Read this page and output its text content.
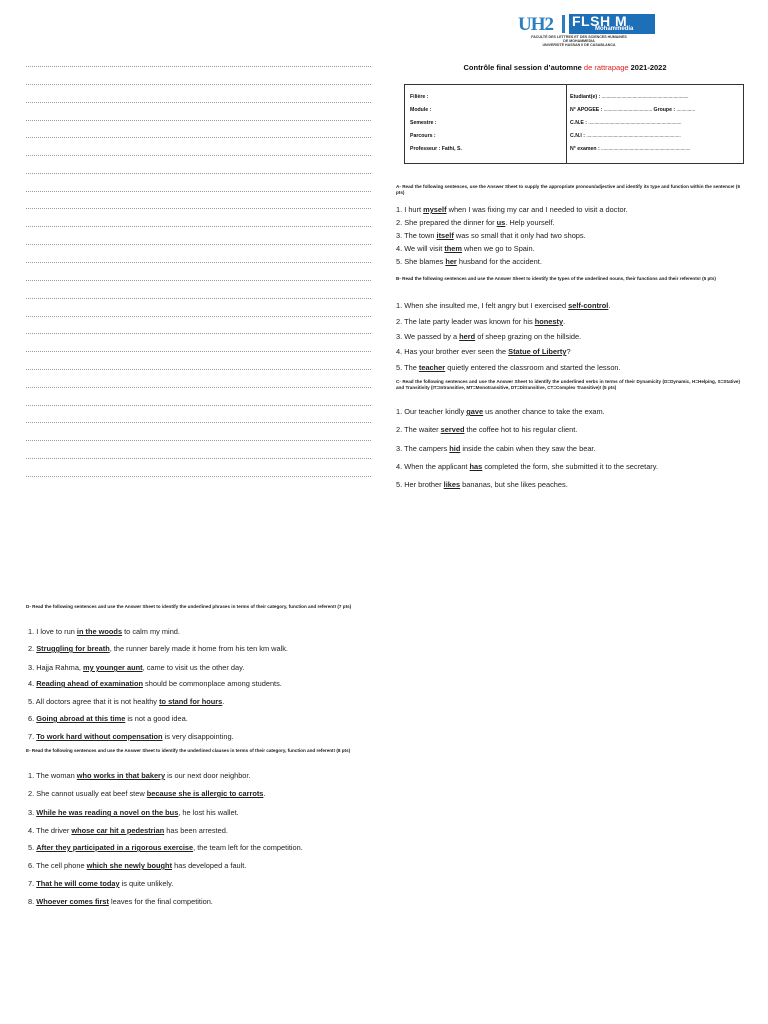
UH2 FLSH M
Mohammedia
FACULTÉ DES LETTRES ET DES SCIENCES HUMAINES
DE MOHAMMEDIA
UNIVERSITÉ HASSAN II DE CASABLANCA
Contrôle final session d’automne de rattrapage 2021-2022
Filière :
Module :
Semestre :
Parcours :
Professeur : Fathi, S.
Etudiant(e) : ......................................................................
N° APOGEE : ....................................... Groupe : ...............
C.N.E : ...........................................................................
C.N.I : ............................................................................
N° examen : ........................................................................
A- Read the following sentences, use the Answer Sheet to supply the appropriate pronoun/adjective and identify its type and function within the sentence! (5 pts)
1. I hurt myself when I was fixing my car and I needed to visit a doctor.
2. She prepared the dinner for us. Help yourself.
3. The town itself was so small that it only had two shops.
4. We will visit them when we go to Spain.
5. She blames her husband for the accident.
B- Read the following sentences and use the Answer Sheet to identify the types of the underlined nouns, their functions and their referents! (5 pts)
1. When she insulted me, I felt angry but I exercised self-control.
2. The late party leader was known for his honesty.
3. We passed by a herd of sheep grazing on the hillside.
4. Has your brother ever seen the Statue of Liberty?
5. The teacher quietly entered the classroom and started the lesson.
C- Read the following sentences and use the Answer Sheet to identify the underlined verbs in terms of their Dynamicity (D=Dynamic, H=Helping, S=Stative) and Transitivity (IT=Intransitive, MT=Monotransitive, DT=Ditransitive, CT=Complex Transitive)! (5 pts)
1. Our teacher kindly gave us another chance to take the exam.
2. The waiter served the coffee hot to his regular client.
3. The campers hid inside the cabin when they saw the bear.
4. When the applicant has completed the form, she submitted it to the secretary.
5. Her brother likes bananas, but she likes peaches.
D- Read the following sentences and use the Answer Sheet to identify the underlined phrases in terms of their category, function and referent! (7 pts)
1. I love to run in the woods to calm my mind.
2. Struggling for breath, the runner barely made it home from his ten km walk.
3. Hajja Rahma, my younger aunt, came to visit us the other day.
4. Reading ahead of examination should be commonplace among students.
5. All doctors agree that it is not healthy to stand for hours.
6. Going abroad at this time is not a good idea.
7. To work hard without compensation is very disappointing.
E- Read the following sentences and use the Answer Sheet to identify the underlined clauses in terms of their category, function and referent! (8 pts)
1. The woman who works in that bakery is our next door neighbor.
2. She cannot usually eat beef stew because she is allergic to carrots.
3. While he was reading a novel on the bus, he lost his wallet.
4. The driver whose car hit a pedestrian has been arrested.
5. After they participated in a rigorous exercise, the team left for the competition.
6. The cell phone which she newly bought has developed a fault.
7. That he will come today is quite unlikely.
8. Whoever comes first leaves for the final competition.
